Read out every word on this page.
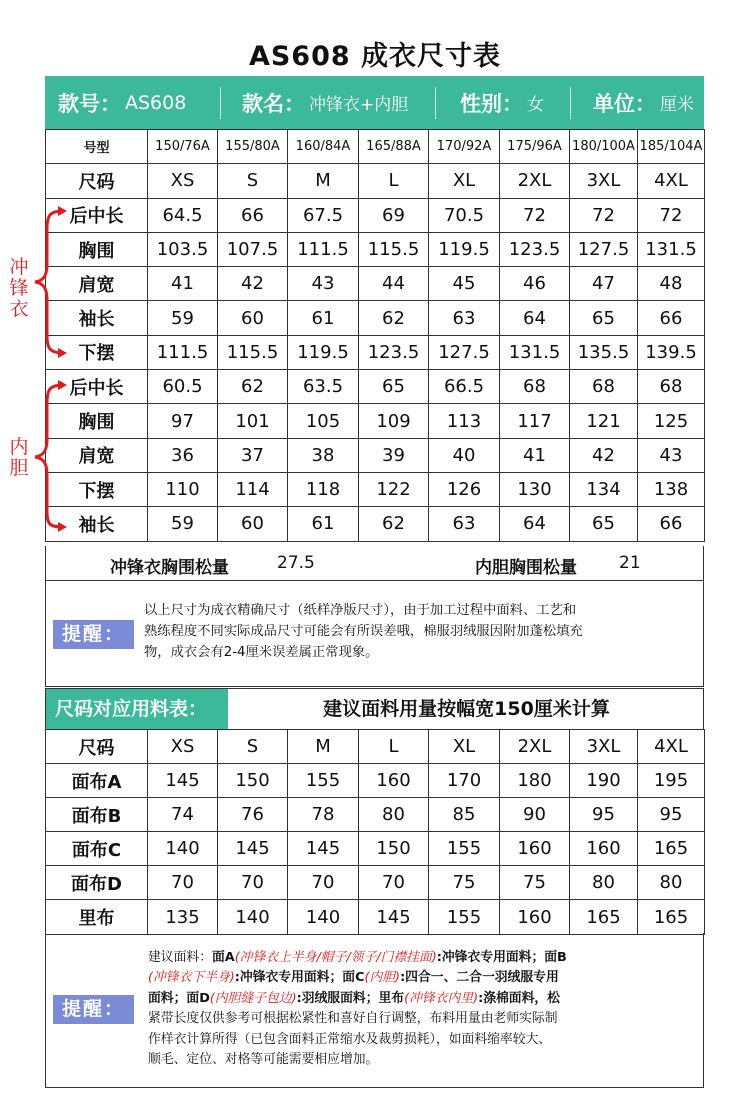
AS608 成衣尺寸表
款号： AS608	款名： 冲锋衣+内胆 性别： 女 单位： 厘米
号型	150/76A	155/80A	160/84A	165/88A	170/92A	175/96A	180/100A	185/104A
尺码	XS	S	M	L	XL	2XL	3XL	4XL
后中长	64.5	66	67.5	69	70.5	72	72	72
胸围	103.5	107.5	111.5	115.5	119.5	123.5	127.5	131.5
肩宽	41	42	43	44	45	46	47	48
袖长	59	60	61	62	63	64	65	66
下摆	111.5	115.5	119.5	123.5	127.5	131.5	135.5	139.5
后中长	60.5	62	63.5	65	66.5	68	68	68
胸围	97	101	105	109	113	117	121	125
肩宽	36	37	38	39	40	41	42	43
下摆	110	114	118	122	126	130	134	138
袖长	59	60	61	62	63	64	65	66
冲锋衣
内胆
冲锋衣胸围松量	27.5	内胆胸围松量 21
提醒：
以上尺寸为成衣精确尺寸（纸样净版尺寸），由于加工过程中面料、工艺和
熟练程度不同实际成品尺寸可能会有所误差哦，棉服羽绒服因附加蓬松填充
物，成衣会有2-4厘米误差属正常现象。
尺码对应用料表：	建议面料用量按幅宽150厘米计算
尺码	XS	S	M	L	XL	2XL	3XL	4XL
面布A	145	150	155	160	170	180	190	195
面布B	74	76	78	80	85	90	95	95
面布C	140	145	145	150	155	160	160	165
面布D	70	70	70	70	75	75	80	80
里布	135	140	140	145	155	160	165	165
提醒：
建议面料：面A(冲锋衣上半身/帽子/领子/门襟挂面):冲锋衣专用面料；面B
(冲锋衣下半身):冲锋衣专用面料；面C(内胆):四合一、二合一羽绒服专用
面料；面D(内胆缝子包边):羽绒服面料；里布(冲锋衣内里):涤棉面料，松
紧带长度仅供参考可根据松紧性和喜好自行调整，布料用量由老师实际制
作样衣计算所得（已包含面料正常缩水及裁剪损耗），如面料缩率较大、
顺毛、定位、对格等可能需要相应增加。
